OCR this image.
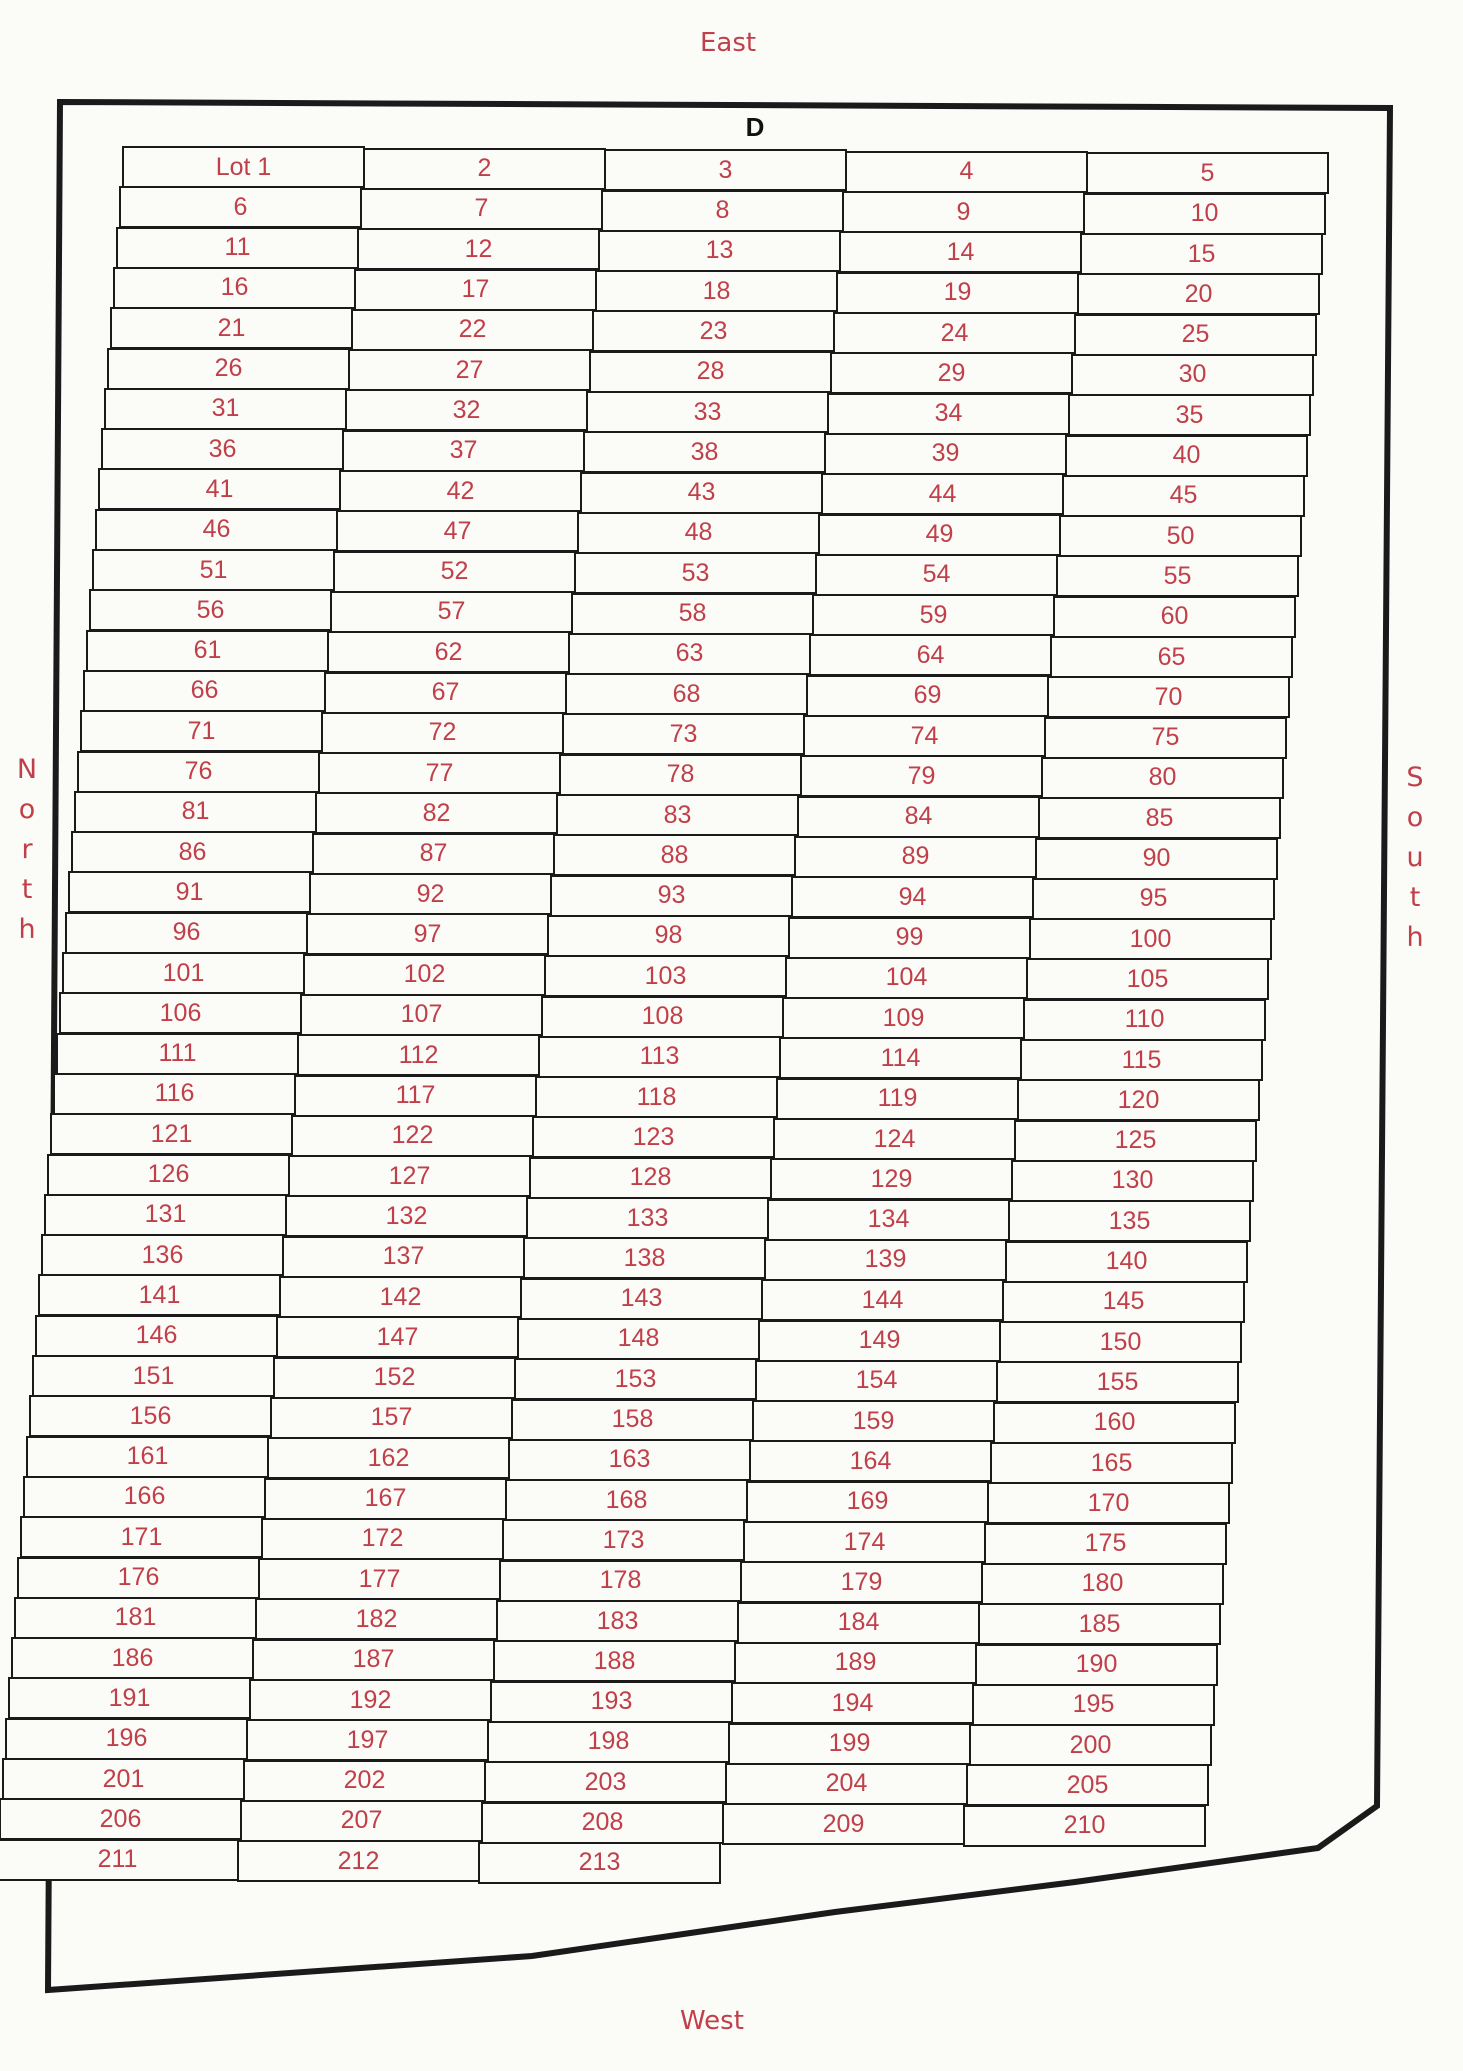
East
West
N
o
r
t
h
S
o
u
t
h
D
Lot 1	2	3	4	5
6	7	8	9	10
11	12	13	14	15
16	17	18	19	20
21	22	23	24	25
26	27	28	29	30
31	32	33	34	35
36	37	38	39	40
41	42	43	44	45
46	47	48	49	50
51	52	53	54	55
56	57	58	59	60
61	62	63	64	65
66	67	68	69	70
71	72	73	74	75
76	77	78	79	80
81	82	83	84	85
86	87	88	89	90
91	92	93	94	95
96	97	98	99	100
101	102	103	104	105
106	107	108	109	110
111	112	113	114	115
116	117	118	119	120
121	122	123	124	125
126	127	128	129	130
131	132	133	134	135
136	137	138	139	140
141	142	143	144	145
146	147	148	149	150
151	152	153	154	155
156	157	158	159	160
161	162	163	164	165
166	167	168	169	170
171	172	173	174	175
176	177	178	179	180
181	182	183	184	185
186	187	188	189	190
191	192	193	194	195
196	197	198	199	200
201	202	203	204	205
206	207	208	209	210
211	212	213
